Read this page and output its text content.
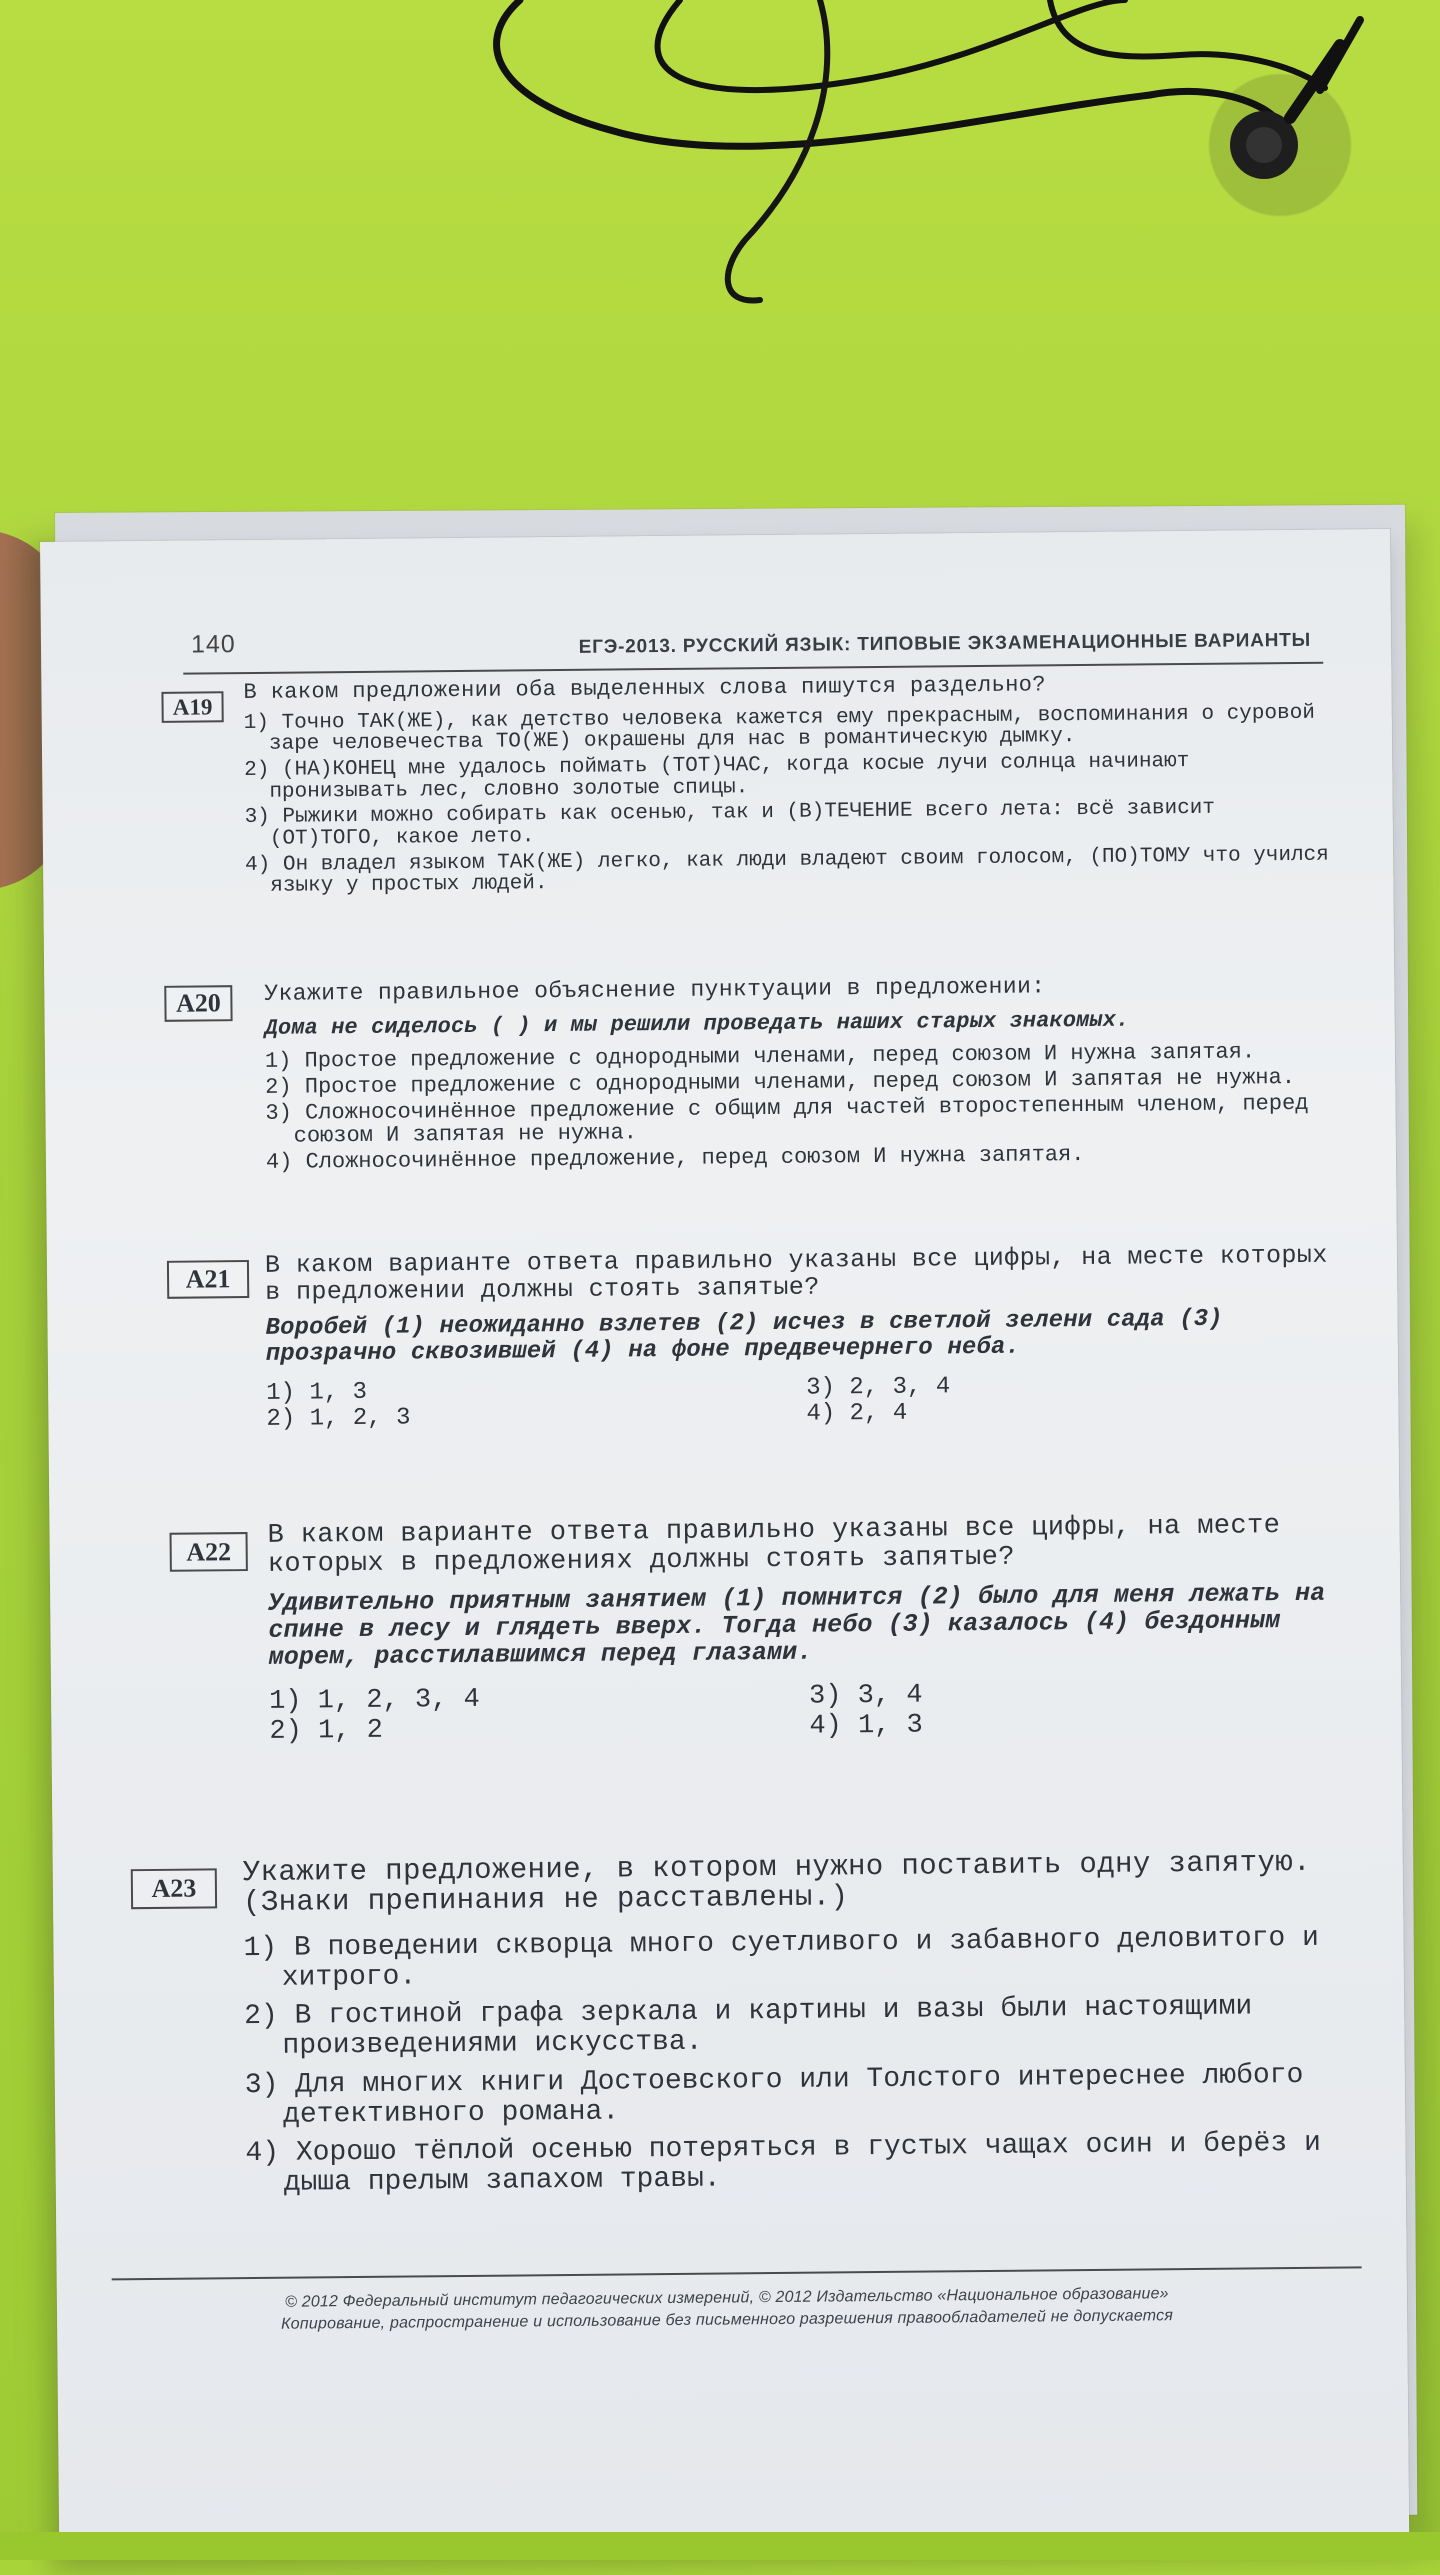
140	ЕГЭ-2013. РУССКИЙ ЯЗЫК: ТИПОВЫЕ ЭКЗАМЕНАЦИОННЫЕ ВАРИАНТЫ
А19
В каком предложении оба выделенных слова пишутся раздельно?
1) Точно ТАК(ЖЕ), как детство человека кажется ему прекрасным, воспоминания о суровой заре человечества ТО(ЖЕ) окрашены для нас в романтическую дымку.
2) (НА)КОНЕЦ мне удалось поймать (ТОТ)ЧАС, когда косые лучи солнца начинают пронизывать лес, словно золотые спицы.
3) Рыжики можно собирать как осенью, так и (В)ТЕЧЕНИЕ всего лета: всё зависит (ОТ)ТОГО, какое лето.
4) Он владел языком ТАК(ЖЕ) легко, как люди владеют своим голосом, (ПО)ТОМУ что учился языку у простых людей.
А20	Укажите правильное объяснение пунктуации в предложении:
Дома не сиделось ( ) и мы решили проведать наших старых знакомых.
1) Простое предложение с однородными членами, перед союзом И нужна запятая.
2) Простое предложение с однородными членами, перед союзом И запятая не нужна.
3) Сложносочинённое предложение с общим для частей второстепенным членом, перед союзом И запятая не нужна.
4) Сложносочинённое предложение, перед союзом И нужна запятая.
А21	В каком варианте ответа правильно указаны все цифры, на месте которых в предложении должны стоять запятые?
Воробей (1) неожиданно взлетев (2) исчез в светлой зелени сада (3) прозрачно сквозившей (4) на фоне предвечернего неба.
1) 1, 3	3) 2, 3, 4
2) 1, 2, 3	4) 2, 4
А22
В каком варианте ответа правильно указаны все цифры, на месте которых в предложениях должны стоять запятые?
Удивительно приятным занятием (1) помнится (2) было для меня лежать на спине в лесу и глядеть вверх. Тогда небо (3) казалось (4) бездонным морем, расстилавшимся перед глазами.
1) 1, 2, 3, 4	3) 3, 4
2) 1, 2	4) 1, 3
А23	Укажите предложение, в котором нужно поставить одну запятую. (Знаки препинания не расставлены.)
1) В поведении скворца много суетливого и забавного деловитого и хитрого.
2) В гостиной графа зеркала и картины и вазы были настоящими произведениями искусства.
3) Для многих книги Достоевского или Толстого интереснее любого детективного романа.
4) Хорошо тёплой осенью потеряться в густых чащах осин и берёз и дыша прелым запахом травы.
© 2012 Федеральный институт педагогических измерений, © 2012 Издательство «Национальное образование»
Копирование, распространение и использование без письменного разрешения правообладателей не допускается
